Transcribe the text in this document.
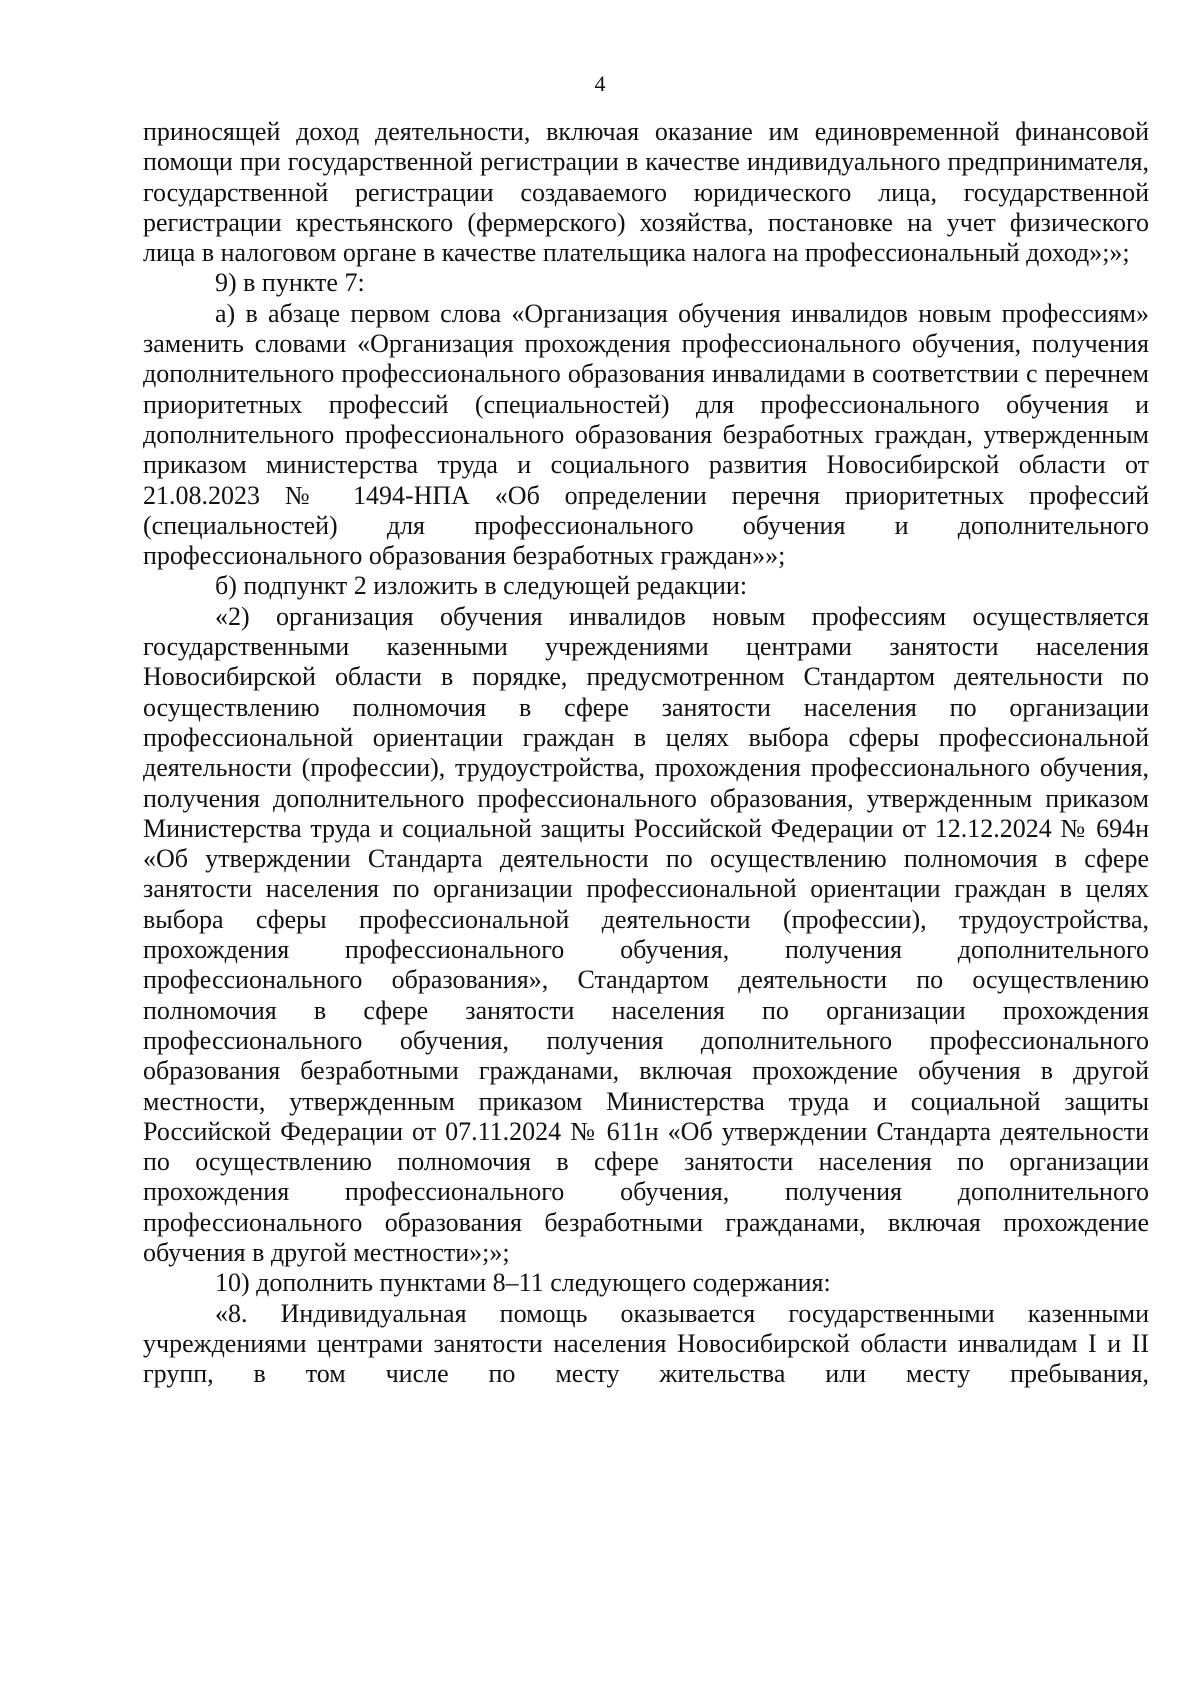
4

приносящей доход деятельности, включая оказание им единовременной финансовой помощи при государственной регистрации в качестве индивидуального предпринимателя, государственной регистрации создаваемого юридического лица, государственной регистрации крестьянского (фермерского) хозяйства, постановке на учет физического лица в налоговом органе в качестве плательщика налога на профессиональный доход»;»;

9) в пункте 7:

а) в абзаце первом слова «Организация обучения инвалидов новым профессиям» заменить словами «Организация прохождения профессионального обучения, получения дополнительного профессионального образования инвалидами в соответствии с перечнем приоритетных профессий (специальностей) для профессионального обучения и дополнительного профессионального образования безработных граждан, утвержденным приказом министерства труда и социального развития Новосибирской области от 21.08.2023 № 1494-НПА «Об определении перечня приоритетных профессий (специальностей) для профессионального обучения и дополнительного профессионального образования безработных граждан»»;

б) подпункт 2 изложить в следующей редакции:

«2) организация обучения инвалидов новым профессиям осуществляется государственными казенными учреждениями центрами занятости населения Новосибирской области в порядке, предусмотренном Стандартом деятельности по осуществлению полномочия в сфере занятости населения по организации профессиональной ориентации граждан в целях выбора сферы профессиональной деятельности (профессии), трудоустройства, прохождения профессионального обучения, получения дополнительного профессионального образования, утвержденным приказом Министерства труда и социальной защиты Российской Федерации от 12.12.2024 № 694н «Об утверждении Стандарта деятельности по осуществлению полномочия в сфере занятости населения по организации профессиональной ориентации граждан в целях выбора сферы профессиональной деятельности (профессии), трудоустройства, прохождения профессионального обучения, получения дополнительного профессионального образования», Стандартом деятельности по осуществлению полномочия в сфере занятости населения по организации прохождения профессионального обучения, получения дополнительного профессионального образования безработными гражданами, включая прохождение обучения в другой местности, утвержденным приказом Министерства труда и социальной защиты Российской Федерации от 07.11.2024 № 611н «Об утверждении Стандарта деятельности по осуществлению полномочия в сфере занятости населения по организации прохождения профессионального обучения, получения дополнительного профессионального образования безработными гражданами, включая прохождение обучения в другой местности»;»;

10) дополнить пунктами 8–11 следующего содержания:

«8. Индивидуальная помощь оказывается государственными казенными учреждениями центрами занятости населения Новосибирской области инвалидам I и II групп, в том числе по месту жительства или месту пребывания,
